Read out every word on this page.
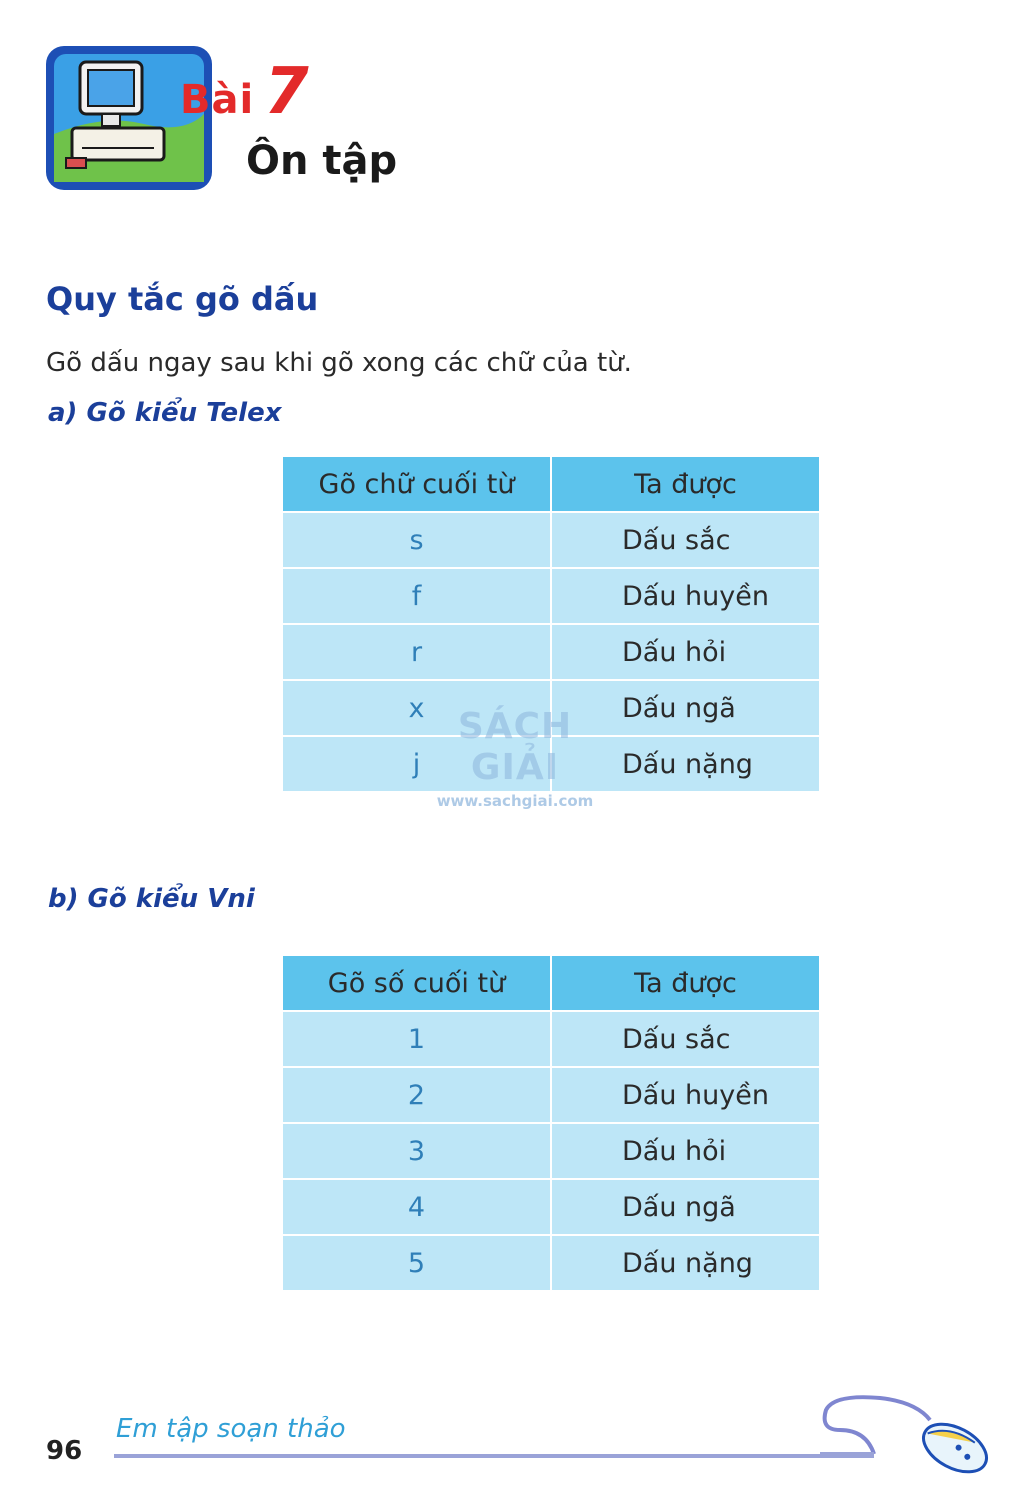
Bài 7
Ôn tập
Quy tắc gõ dấu
Gõ dấu ngay sau khi gõ xong các chữ của từ.
a) Gõ kiểu Telex
Gõ chữ cuối từ	Ta được
s	Dấu sắc
f	Dấu huyền
r	Dấu hỏi
x	Dấu ngã
j	Dấu nặng
SÁCH GIẢI
www.sachgiai.com
b) Gõ kiểu Vni
Gõ số cuối từ	Ta được
1	Dấu sắc
2	Dấu huyền
3	Dấu hỏi
4	Dấu ngã
5	Dấu nặng
96
Em tập soạn thảo
